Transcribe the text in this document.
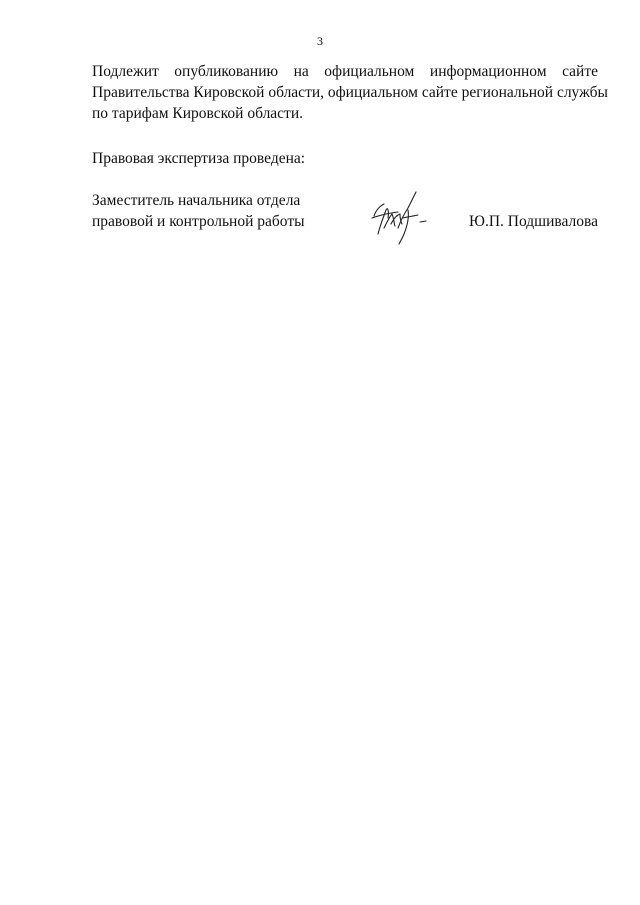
3
Подлежит опубликованию на официальном информационном сайте
Правительства Кировской области, официальном сайте региональной службы
по тарифам Кировской области.
Правовая экспертиза проведена:
Заместитель начальника отдела
правовой и контрольной работы	Ю.П. Подшивалова
